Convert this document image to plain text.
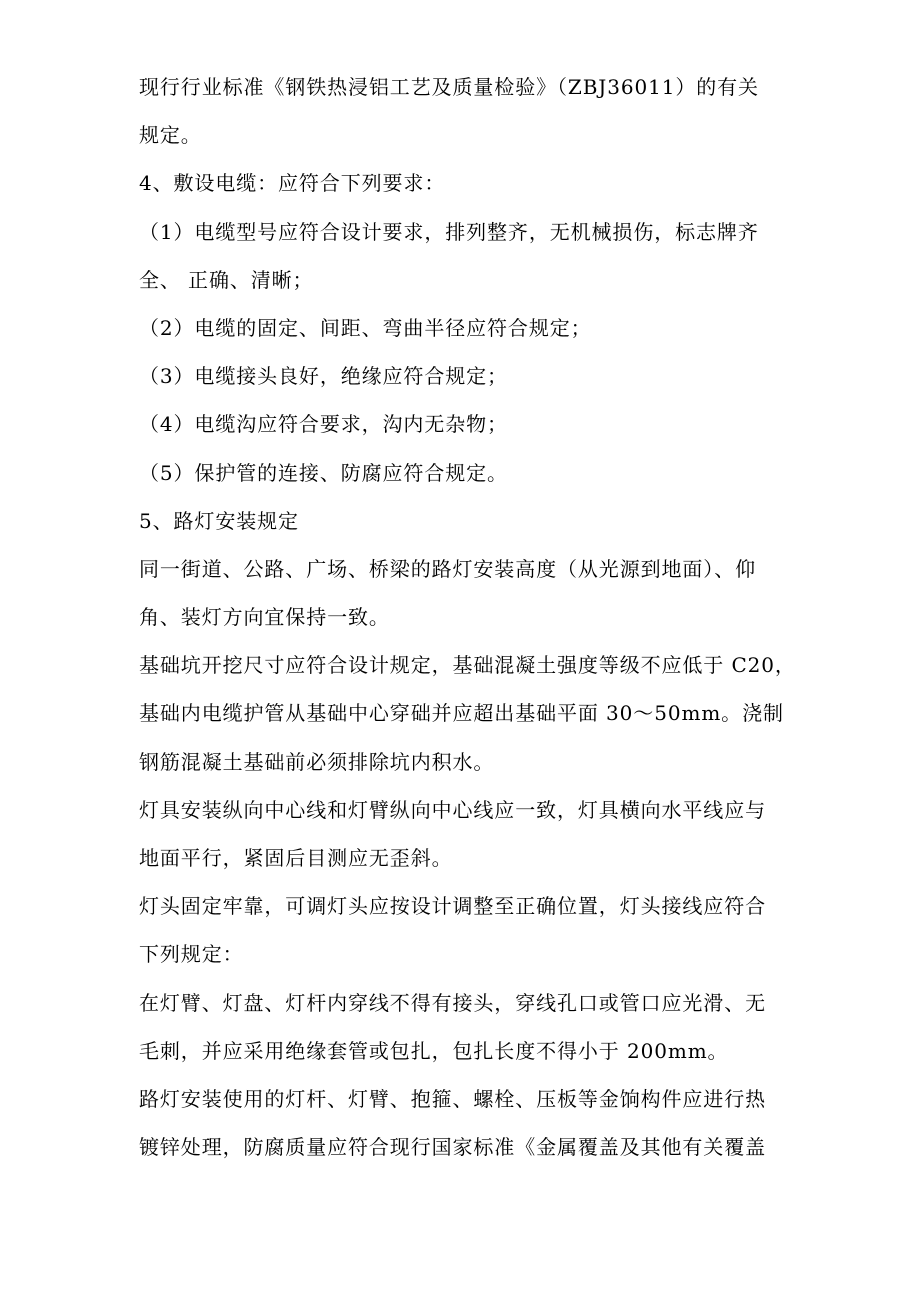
现行行业标准《钢铁热浸铝工艺及质量检验》（ZBJ36011）的有关
规定。
4、敷设电缆：应符合下列要求：
（1）电缆型号应符合设计要求，排列整齐，无机械损伤，标志牌齐
全、 正确、清晰；
（2）电缆的固定、间距、弯曲半径应符合规定；
（3）电缆接头良好，绝缘应符合规定；
（4）电缆沟应符合要求，沟内无杂物；
（5）保护管的连接、防腐应符合规定。
5、路灯安装规定
同一街道、公路、广场、桥梁的路灯安装高度（从光源到地面）、仰
角、装灯方向宜保持一致。
基础坑开挖尺寸应符合设计规定，基础混凝土强度等级不应低于 C20，
基础内电缆护管从基础中心穿础并应超出基础平面 30～50mm。浇制
钢筋混凝土基础前必须排除坑内积水。
灯具安装纵向中心线和灯臂纵向中心线应一致，灯具横向水平线应与
地面平行，紧固后目测应无歪斜。
灯头固定牢靠，可调灯头应按设计调整至正确位置，灯头接线应符合
下列规定：
在灯臂、灯盘、灯杆内穿线不得有接头，穿线孔口或管口应光滑、无
毛刺，并应采用绝缘套管或包扎，包扎长度不得小于 200mm。
路灯安装使用的灯杆、灯臂、抱箍、螺栓、压板等金饷构件应进行热
镀锌处理，防腐质量应符合现行国家标准《金属覆盖及其他有关覆盖
